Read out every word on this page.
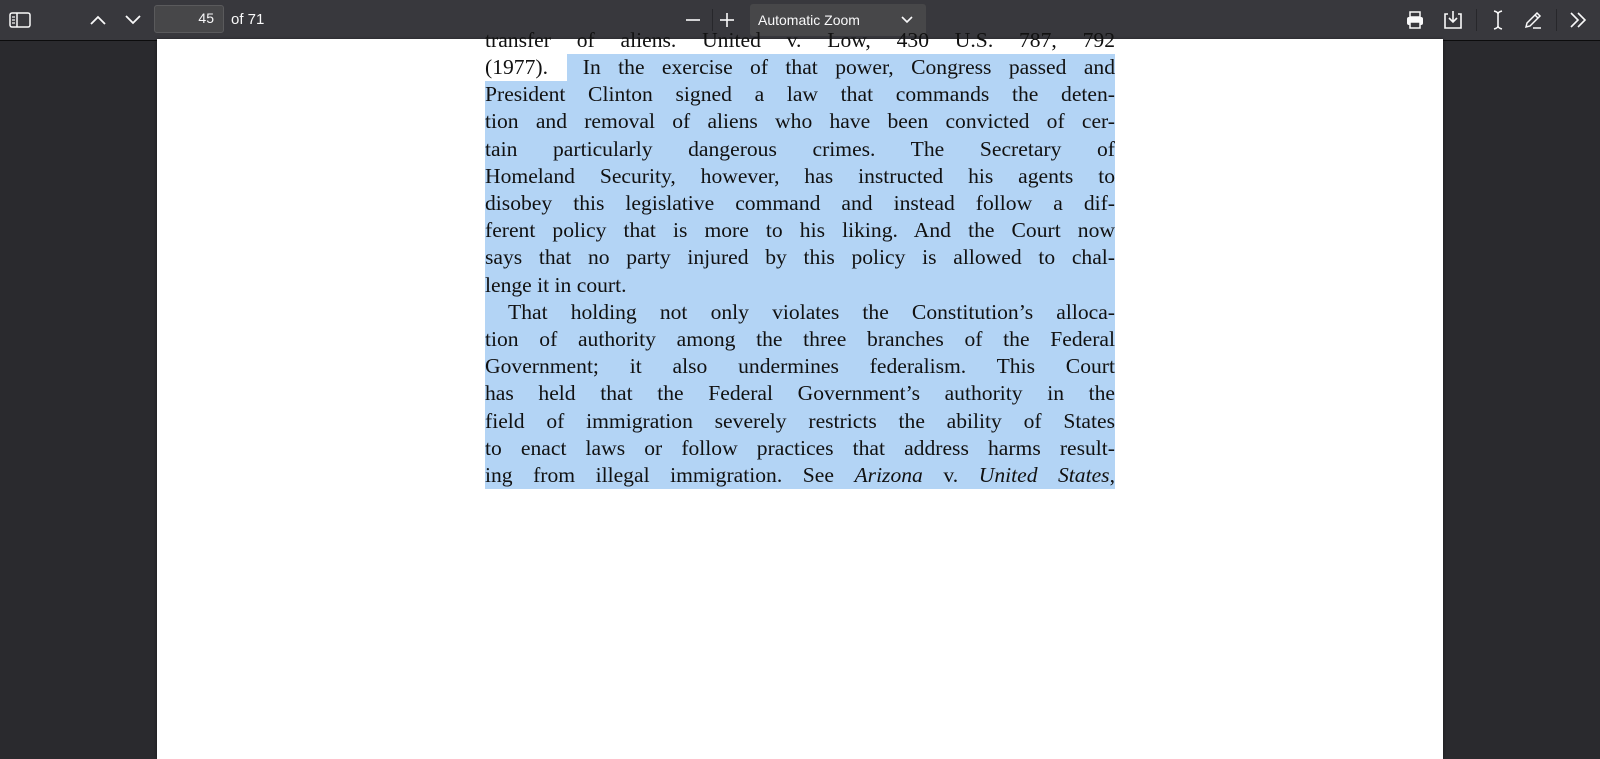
45
of 71	Automatic Zoom
transfer of aliens. United v. Low, 430 U.S. 787, 792
(1977). In the exercise of that power, Congress passed and
President Clinton signed a law that commands the deten-
tion and removal of aliens who have been convicted of cer-
tain particularly dangerous crimes. The Secretary of
Homeland Security, however, has instructed his agents to
disobey this legislative command and instead follow a dif-
ferent policy that is more to his liking. And the Court now
says that no party injured by this policy is allowed to chal-
lenge it in court.
That holding not only violates the Constitution’s alloca-
tion of authority among the three branches of the Federal
Government; it also undermines federalism. This Court
has held that the Federal Government’s authority in the
field of immigration severely restricts the ability of States
to enact laws or follow practices that address harms result-
ing from illegal immigration. See Arizona v. United States,
